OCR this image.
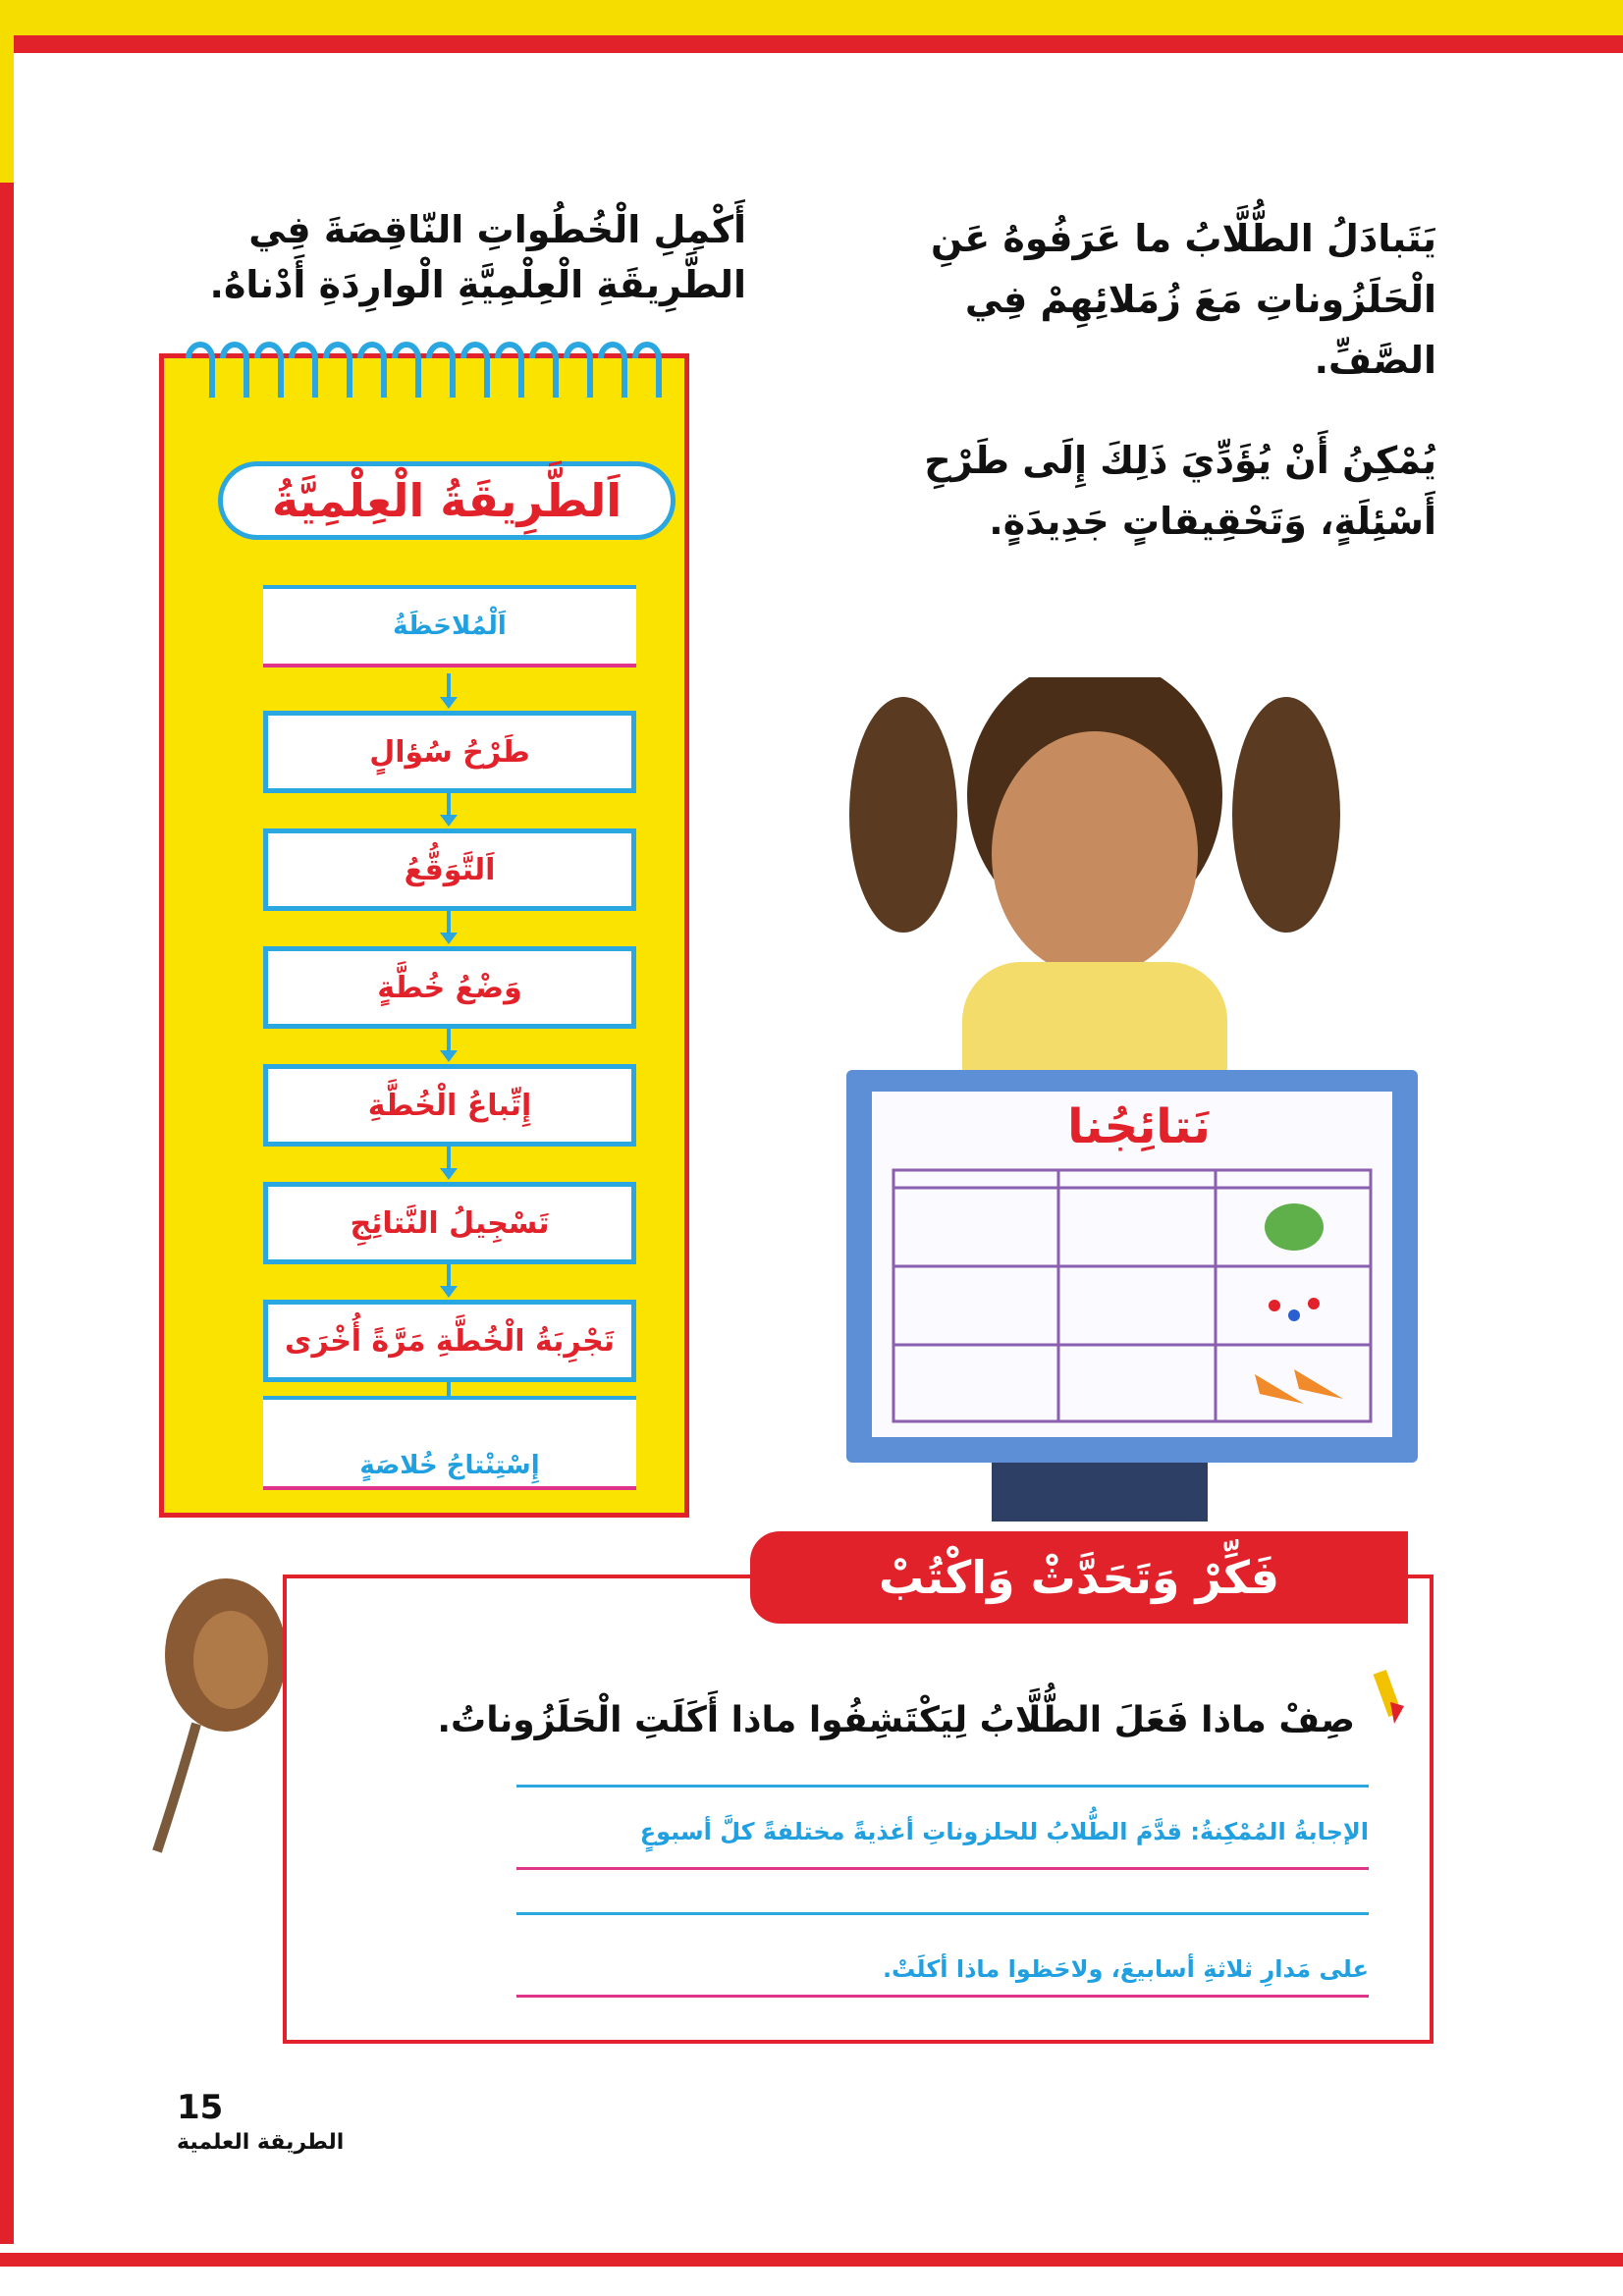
يَتَبادَلُ الطُّلَّابُ ما عَرَفُوهُ عَنِ الْحَلَزُوناتِ مَعَ زُمَلائِهِمْ فِي الصَّفِّ.
يُمْكِنُ أَنْ يُؤَدِّيَ ذَلِكَ إِلَى طَرْحِ أَسْئِلَةٍ، وَتَحْقِيقاتٍ جَدِيدَةٍ.
أَكْمِلِ الْخُطُواتِ النّاقِصَةَ فِي الطَّرِيقَةِ الْعِلْمِيَّةِ الْوارِدَةِ أَدْناهُ.
اَلطَّرِيقَةُ الْعِلْمِيَّةُ
اَلْمُلاحَظَةُ
طَرْحُ سُؤالٍ
اَلتَّوَقُّعُ
وَضْعُ خُطَّةٍ
إِتِّباعُ الْخُطَّةِ
تَسْجِيلُ النَّتائِجِ
تَجْرِبَةُ الْخُطَّةِ مَرَّةً أُخْرَى
إِسْتِنْتاجُ خُلاصَةٍ
نَتائِجُنا
فَكِّرْ وَتَحَدَّثْ وَاكْتُبْ
صِفْ ماذا فَعَلَ الطُّلَّابُ لِيَكْتَشِفُوا ماذا أَكَلَتِ الْحَلَزُوناتُ.
الإجابةُ المُمْكِنةُ: قدَّمَ الطُّلابُ للحلزوناتِ أغذيةً مختلفةً كلَّ أسبوعٍ
على مَدارِ ثلاثةِ أسابيعَ، ولاحَظوا ماذا أكلَتْ.
15
الطريقة العلمية
